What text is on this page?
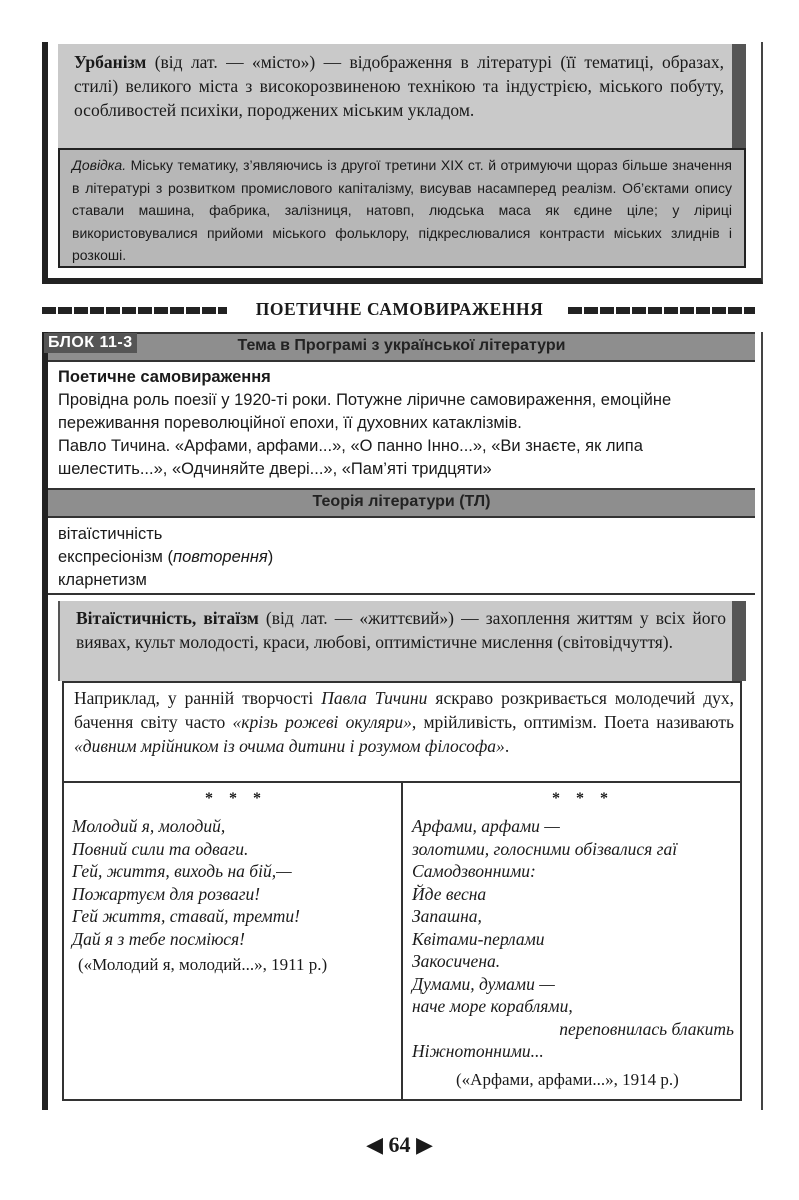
Урбанізм (від лат. — «місто») — відображення в літературі (її тематиці, образах, стилі) великого міста з високорозвиненою технікою та індустрією, міського побуту, особливостей психіки, породжених міським укладом.
Довідка. Міську тематику, з’являючись із другої третини XIX ст. й отримуючи щораз більше значення в літературі з розвитком промислового капіталізму, висував насамперед реалізм. Об’єктами опису ставали машина, фабрика, залізниця, натовп, людська маса як єдине ціле; у ліриці використовувалися прийоми міського фольклору, підкреслювалися контрасти міських злиднів і розкоші.
ПОЕТИЧНЕ САМОВИРАЖЕННЯ
БЛОК 11-3	Тема в Програмі з української літератури
Поетичне самовираження
Провідна роль поезії у 1920-ті роки. Потужне ліричне самовираження, емоційне переживання пореволюційної епохи, її духовних катаклізмів.
Павло Тичина. «Арфами, арфами...», «О панно Інно...», «Ви знаєте, як липа шелестить...», «Одчиняйте двері...», «Пам’яті тридцяти»
Теорія літератури (ТЛ)
вітаїстичність
експресіонізм (повторення)
кларнетизм
Вітаїстичність, вітаїзм (від лат. — «життєвий») — захоплення життям у всіх його виявах, культ молодості, краси, любові, оптимістичне мислення (світовідчуття).
Наприклад, у ранній творчості Павла Тичини яскраво розкривається молодечий дух, бачення світу часто «крізь рожеві окуляри», мрійливість, оптимізм. Поета називають «дивним мрійником із очима дитини і розумом філософа».
* * *
Молодий я, молодий,
Повний сили та одваги.
Гей, життя, виходь на бій,—
Пожартуєм для розваги!
Гей життя, ставай, тремти!
Дай я з тебе посміюся!
(«Молодий я, молодий...», 1911 р.)
* * *
Арфами, арфами —
золотими, голосними обізвалися гаї
Самодзвонними:
Йде весна
Запашна,
Квітами-перлами
Закосичена.
Думами, думами —
наче море кораблями,
переповнилась блакить
Ніжнотонними...
(«Арфами, арфами...», 1914 р.)
◀ 64 ▶
